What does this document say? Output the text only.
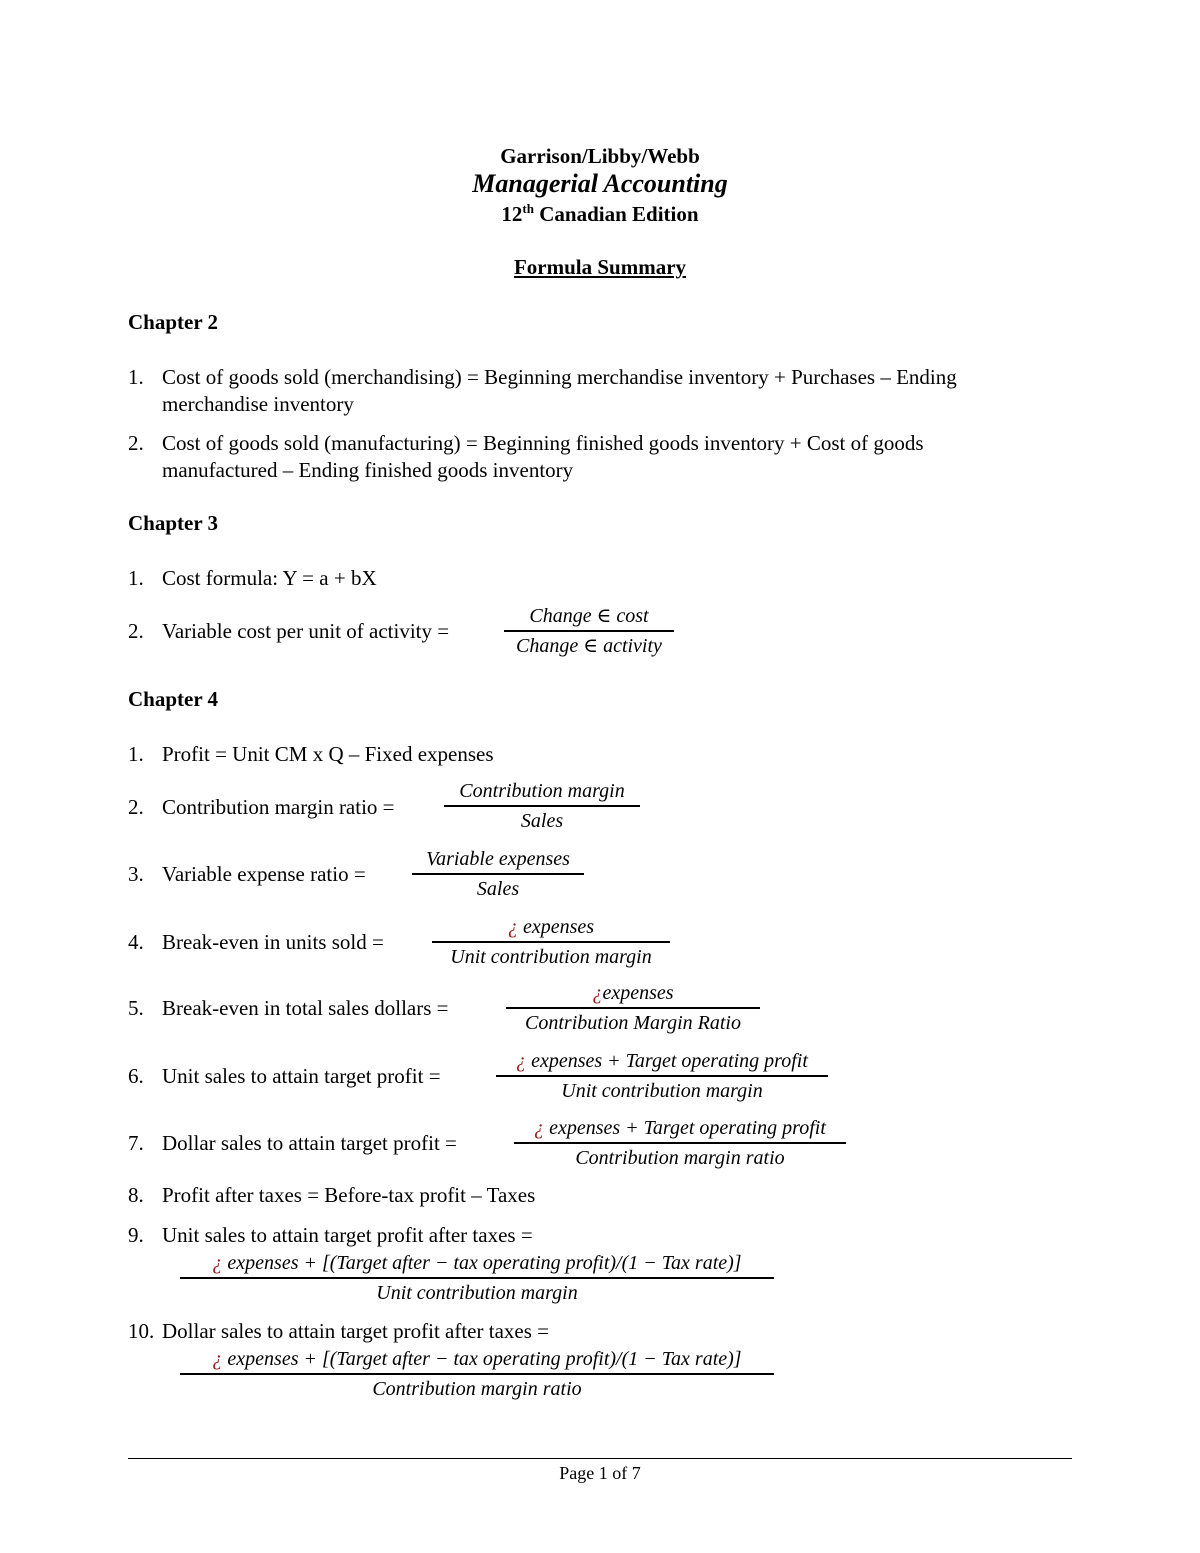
Garrison/Libby/Webb
Managerial Accounting
12th Canadian Edition
Formula Summary
Chapter 2
1. Cost of goods sold (merchandising) = Beginning merchandise inventory + Purchases – Ending
merchandise inventory
2. Cost of goods sold (manufacturing) = Beginning finished goods inventory + Cost of goods
manufactured – Ending finished goods inventory
Chapter 3
1. Cost formula: Y = a + bX
2. Variable cost per unit of activity =
Change ∈ cost
Change ∈ activity
Chapter 4
1. Profit = Unit CM x Q – Fixed expenses
2. Contribution margin ratio =
Contribution margin
Sales
3. Variable expense ratio =
Variable expenses
Sales
4. Break-even in units sold =
¿ expenses
Unit contribution margin
5. Break-even in total sales dollars =
¿expenses
Contribution Margin Ratio
6. Unit sales to attain target profit =
¿ expenses + Target operating profit
Unit contribution margin
7. Dollar sales to attain target profit =
¿ expenses + Target operating profit
Contribution margin ratio
8. Profit after taxes = Before-tax profit – Taxes
9. Unit sales to attain target profit after taxes =
¿ expenses + [(Target after − tax operating profit)/(1 − Tax rate)]
Unit contribution margin
10. Dollar sales to attain target profit after taxes =
¿ expenses + [(Target after − tax operating profit)/(1 − Tax rate)]
Contribution margin ratio
Page 1 of 7
